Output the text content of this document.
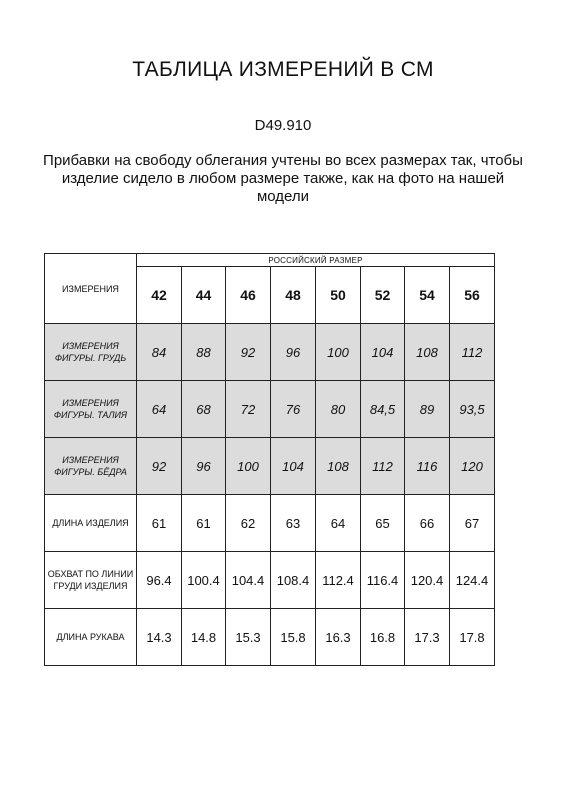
ТАБЛИЦА ИЗМЕРЕНИЙ В СМ
D49.910
Прибавки на свободу облегания учтены во всех размерах так, чтобы изделие сидело в любом размере также, как на фото на нашей модели
ИЗМЕРЕНИЯ	РОССИЙСКИЙ РАЗМЕР							
	42	44	46	48	50	52	54	56
ИЗМЕРЕНИЯ ФИГУРЫ. ГРУДЬ	84	88	92	96	100	104	108	112
ИЗМЕРЕНИЯ ФИГУРЫ. ТАЛИЯ	64	68	72	76	80	84,5	89	93,5
ИЗМЕРЕНИЯ ФИГУРЫ. БЁДРА	92	96	100	104	108	112	116	120
ДЛИНА ИЗДЕЛИЯ	61	61	62	63	64	65	66	67
ОБХВАТ ПО ЛИНИИ ГРУДИ ИЗДЕЛИЯ	96.4	100.4	104.4	108.4	112.4	116.4	120.4	124.4
ДЛИНА РУКАВА	14.3	14.8	15.3	15.8	16.3	16.8	17.3	17.8
